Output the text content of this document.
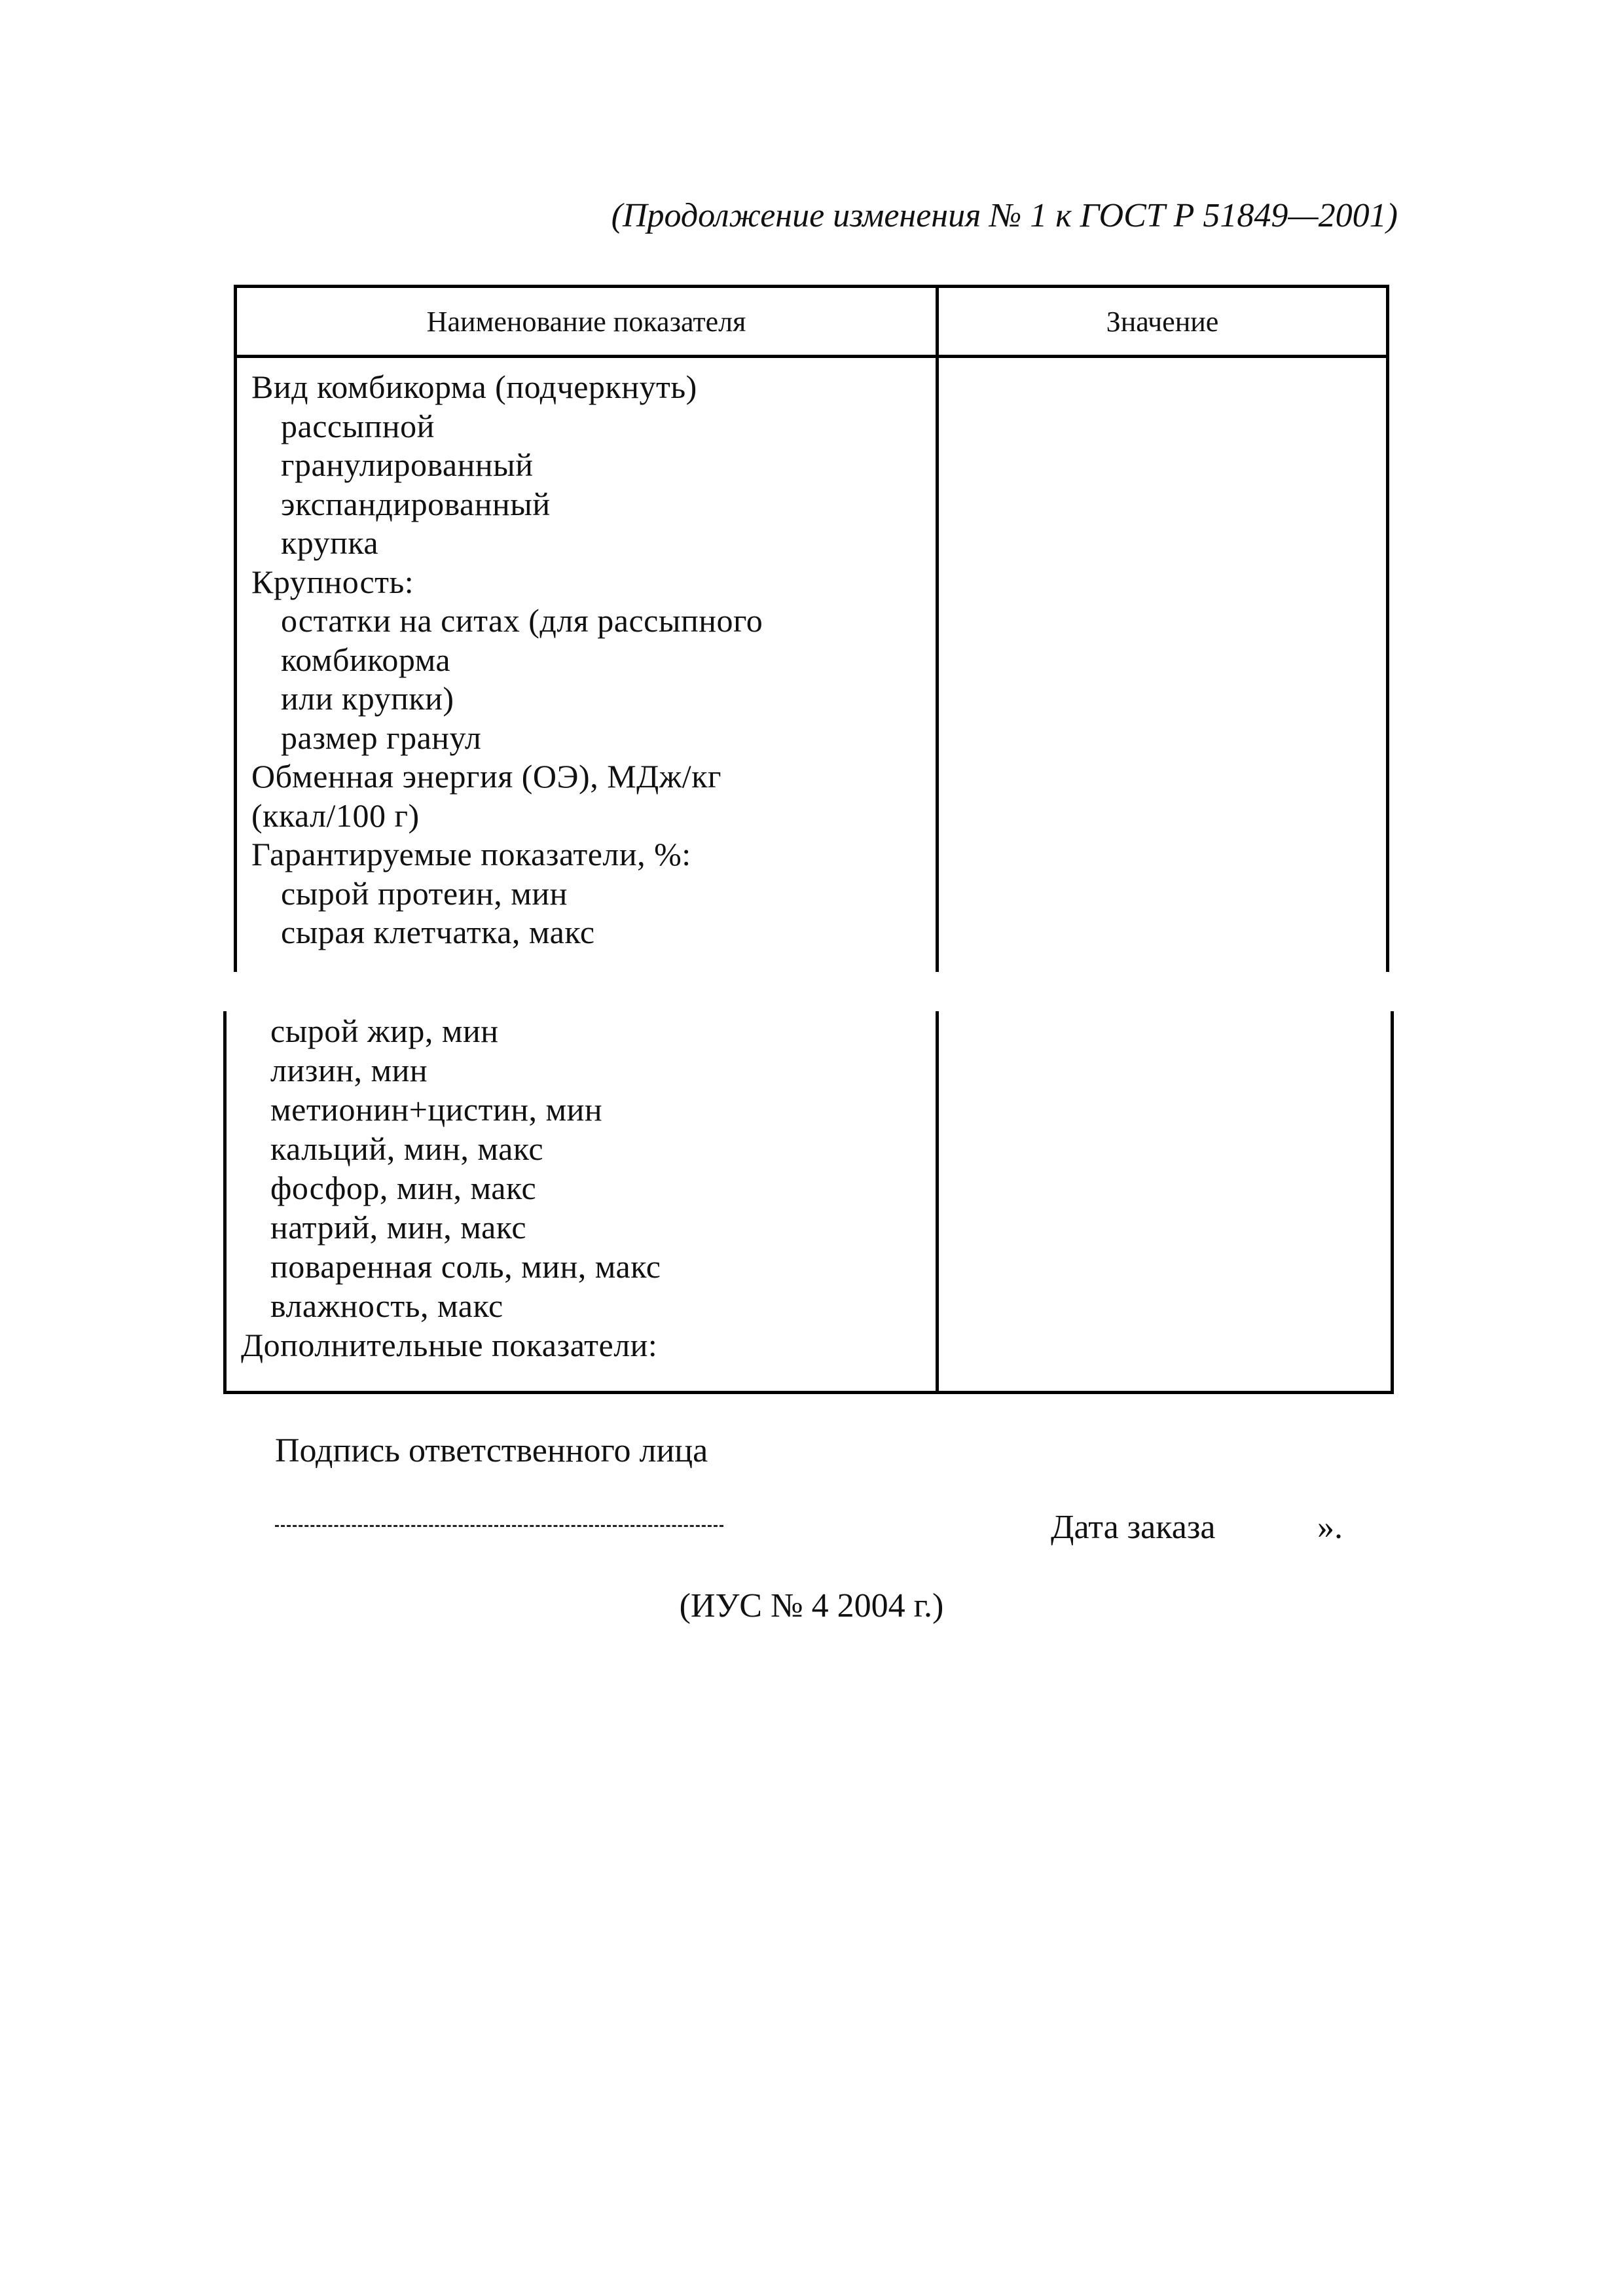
(Продолжение изменения № 1 к ГОСТ Р 51849—2001)
Наименование показателя	Значение
Вид комбикорма (подчеркнуть)
рассыпной
гранулированный
экспандированный
крупка
Крупность:
остатки на ситах (для рассыпного
комбикорма
или крупки)
размер гранул
Обменная энергия (ОЭ), МДж/кг
(ккал/100 г)
Гарантируемые показатели, %:
сырой протеин, мин
сырая клетчатка, макс
сырой жир, мин
лизин, мин
метионин+цистин, мин
кальций, мин, макс
фосфор, мин, макс
натрий, мин, макс
поваренная соль, мин, макс
влажность, макс
Дополнительные показатели:
Подпись ответственного лица
Дата заказа	».
(ИУС № 4 2004 г.)
